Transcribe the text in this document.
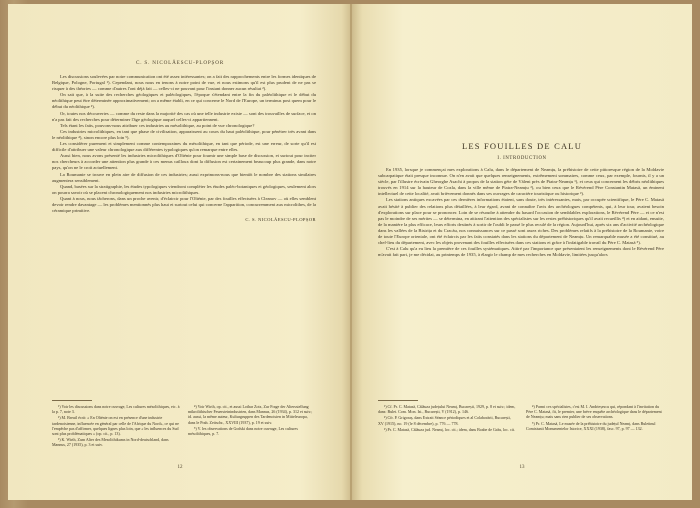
C. S. NICOLĂESCU-PLOPȘOR

Les discussions soulevées par notre communication ont été assez intéressantes; on a fait des rapprochements entre les formes identiques de Belgique, Pologne, Portugal ¹). Cependant, nous nous en tenons à notre point de vue, et nous estimons qu'il est plus prudent de ne pas se risquer à des théories — comme d'autres l'ont déjà fait — celles-ci ne pouvant pour l'instant donner aucun résultat ²).

On sait que, à la suite des recherches géologiques et paléologiques, l'époque s'étendant entre la fin du paléolithique et le début du néolithique peut être déterminée approximativement; on a même établi, en ce qui concerne le Nord de l'Europe, un terminus post quem pour le début du néolithique ³).

Or, toutes nos découvertes — comme du reste dans la majorité des cas où une telle industrie existe — sont des trouvailles de surface, et on n'a pas fait des recherches pour déterminer l'âge géologique auquel celles-ci appartiennent.

Tels étant les faits, pouvons-nous attribuer ces industries au mésolithique, au point de vue chronologique?

Ces industries microlithiques, en tant que phase de civilisation, apparaissent au cours du haut paléolithique, pour pénétrer très avant dans le néolithique ⁴), sinon encore plus loin ⁵).

Les considérer purement et simplement comme contemporaines du mésolithique, en tant que période, est une erreur, de sorte qu'il est difficile d'attribuer une valeur chronologique aux différentes typologiques qu'on remarque entre elles.

Aussi bien, nous avons présenté les industries microlithiques d'Olténie pour fournir une simple base de discussion, et surtout pour inciter nos chercheurs à accorder une attention plus grande à ces menus cailloux dont la diffusion est certainement beaucoup plus grande, dans notre pays, qu'on ne le croit actuellement.

La Roumanie se trouve en plein aire de diffusion de ces industries; aussi exprimons-nous que bientôt le nombre des stations similaires augmentera sensiblement.

Quand, basées sur la stratigraphie, les études typologiques viendront compléter les études paléo-botaniques et géologiques, seulement alors on pourra savoir où se placent chronologiquement nos industries microlithiques.

Quant à nous, nous tâcherons, dans un proche avenir, d'éclaircir pour l'Olténie, par des fouilles effectuées à Cleanov — où elles semblent devoir rendre davantage — les problèmes mentionnés plus haut et surtout celui qui concerne l'apparition, concurremment aux microlithes, de la céramique primitive.

C. S. NICOLĂESCU-PLOPȘOR

¹) Voir les discussions dans notre ouvrage, Les cultures mésolithiques, etc. à la p. 7, note 3.

²) M. Breuil écrit: « En Olténie on est en présence d'une industrie tardenoisienne, influencée en général par celle de l'Afrique du Nord», ce qui ne l'empêche pas d'affirmer, quelques lignes plus loin, que « les influences du Sud sont plus problématiques » (op. cit., p. 13).

³) K. Wirth, Zum Alter des Mesolithikums in Nord-deutschland, dans Mannus, 27 (1935), p. 3 et suiv.

⁴) Voir Wirth, op. cit., et aussi Lothar Zotz, Zur Frage der Altersstellung mikrolithischer Feuersteinindustrien, dans Mannus, 26 (1934), p. 312 et suiv.; id. aussi, la même auteur, Kulturgruppen des Tardenoisien in Mitteleuropa, dans le Prah. Zeitschr., XXVIII (1937), p. 19 et suiv.

⁵) V. les observations de Godski dans notre ouvrage, Les cultures mésolithiques, p. 7.

12
LES FOUILLES DE CALU
I. INTRODUCTION

En 1935, lorsque je commençai mes explorations à Calu, dans le département de Neamțu, la préhistoire de cette pittoresque région de la Moldavie subcarpatique était presque inconnue. On n'en avait que quelques renseignements, extrêmement sommaires, comme ceux, par exemple, fournis, il y a un siècle, par l'illustre écrivain Gheorghe Asachi à propos de la station gète de Văleni près de Piatra-Neamțu ¹), et ceux qui concernent les débris néolithiques trouvés en 1914 sur la hauteur de Cozla, dans la ville même de Piatra-Neamțu ²), ou bien ceux que le Révérend Père Constantin Matasă, un éminent intellectuel de cette localité, avait brièvement donnés dans ses ouvrages de caractère touristique ou historique ³).

Les stations antiques excavées par ces dernières informations étaient, sans doute, très intéressantes, mais, par occupée scientifique, le Père C. Matasă avait hésité à publier des relations plus détaillées, à leur égard, avant de connaître l'avis des archéologues compétents, qui, à leur tour, avaient besoin d'explorations sur place pour se prononcer. Loin de se résoudre à attendre du hasard l'occasion de semblables explorations, le Révérend Père — et ce n'est pas le moindre de ses mérites — se détermina, en attirant l'attention des spécialistes sur les restes préhistoriques qu'il avait recueillis ⁴) et en aidant, ensuite, de la manière la plus efficace, leurs efforts destinés à sortir de l'oubli le passé le plus reculé de la région. Aujourd'hui, après six ans d'activité archéologique dans les vallées de la Bistrița et du Cracău, nos connaissances sur ce passé sont assez riches. Des problèmes relatifs à la préhistoire de la Roumanie, voire de toute l'Europe orientale, ont été éclaircis par les faits constatés dans les stations du département de Neamțu. Un remarquable musée a été constitué, au chef-lieu du département, avec les objets provenant des fouilles effectuées dans ces stations et grâce à l'infatigable travail du Père C. Matasă ⁵).

C'est à Calu qu'a eu lieu la première de ces fouilles systématiques. Attiré par l'importance que présentaient les renseignements dont le Révérend Père m'avait fait part, je me décidai, au printemps de 1935, à élargir le champ de mes recherches en Moldavie, limitées jusqu'alors

¹) Cf. Pr. C. Matasă, Călăuza județului Neamț, Bucarești, 1929, p. 8 et suiv.; idem, dans: Bulet. Com. Mon. Ist., Bucarești, V (1912), p. 146.

²) Cfr. P. Grigoraș, dans Extrait Séance périodiques et al Colaborării, Bucarești, XV (1915), no. 19 (le 8 décembre), p. 776 — 778.

³) Pr. C. Matasă, Călăuza jud. Neamț, loc. cit.; idem, dans Boabe de Grâu, loc. cit.

⁴) Parmi ces spécialistes, c'est M. I. Andrieșescu qui, répondant à l'invitation du Père C. Matasă, fit, le premier, une brève enquête archéologique dans le département de Neamțu; mais sans rien publier de ses observations.

⁵) Pr. C. Matasă, Le musée de la préhistoire du județul Neamț, dans Buletinul Comisiunii Monumentelor Istorice, XXXI (1938), fasc. 97, p. 97 — 132.

13
